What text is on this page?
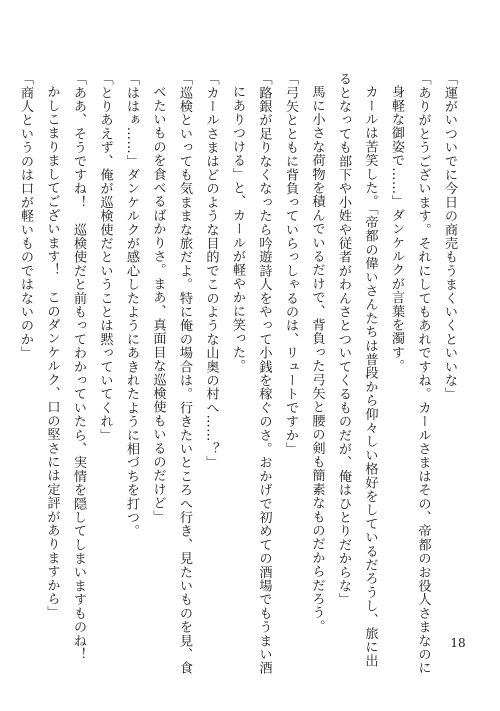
「運がいついでに今日の商売もうまくいくといいな」
「ありがとうございます。それにしてもあれですね。カールさまはその、帝都のお役人さまなのに
身軽な御姿で……」ダンケルクが言葉を濁す。
カールは苦笑した。「帝都の偉いさんたちは普段から仰々しい格好をしているだろうし、旅に出
るとなっても部下や小姓や従者がわんさとついてくるものだが、俺はひとりだからな」
馬に小さな荷物を積んでいるだけで、背負った弓矢と腰の剣も簡素なものだからだろう。
「弓矢とともに背負っていらっしゃるのは、リュートですか」
「路銀が足りなくなったら吟遊詩人をやって小銭を稼ぐのさ。おかげで初めての酒場でもうまい酒
にありつける」と、カールが軽やかに笑った。
「カールさまはどのような目的でこのような山奥の村へ……？」
「巡検といっても気ままな旅だよ。特に俺の場合は。行きたいところへ行き、見たいものを見、食
べたいものを食べるばかりさ。まあ、真面目な巡検使もいるのだけど」
「ははぁ……」ダンケルクが感心したようにあきれたように相づちを打つ。
「とりあえず、俺が巡検使だということは黙っていてくれ」
「ああ、そうですね！　巡検使だと前もってわかっていたら、実情を隠してしまいますものね！
かしこまりましてございます！　このダンケルク、口の堅さには定評がありますから」
「商人というのは口が軽いものではないのか」
18
